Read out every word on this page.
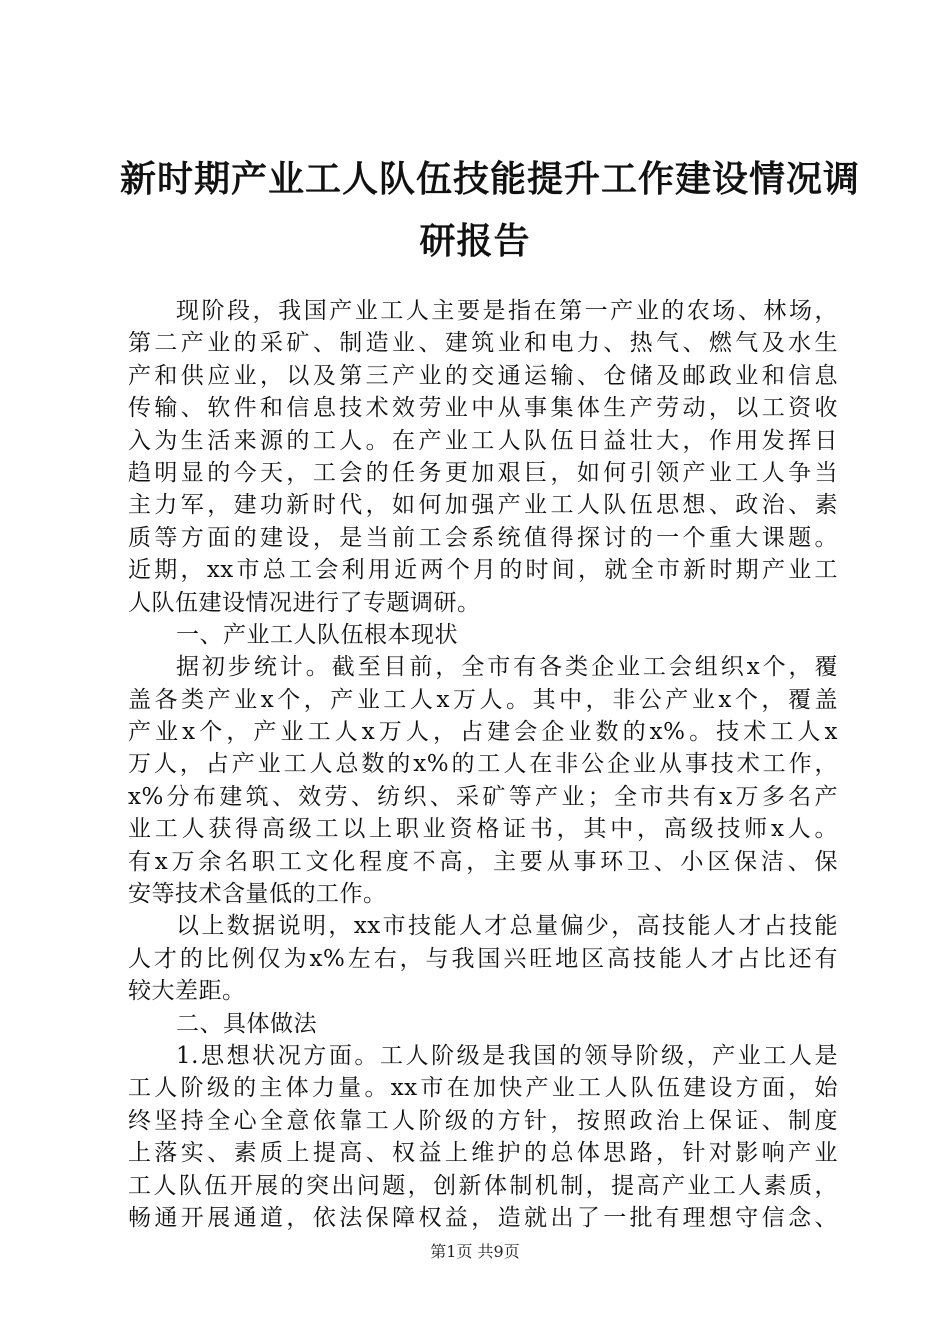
新时期产业工人队伍技能提升工作建设情况调
研报告
现阶段，我国产业工人主要是指在第一产业的农场、林场，
第二产业的采矿、制造业、建筑业和电力、热气、燃气及水生
产和供应业，以及第三产业的交通运输、仓储及邮政业和信息
传输、软件和信息技术效劳业中从事集体生产劳动，以工资收
入为生活来源的工人。在产业工人队伍日益壮大，作用发挥日
趋明显的今天，工会的任务更加艰巨，如何引领产业工人争当
主力军，建功新时代，如何加强产业工人队伍思想、政治、素
质等方面的建设，是当前工会系统值得探讨的一个重大课题。
近期，xx市总工会利用近两个月的时间，就全市新时期产业工
人队伍建设情况进行了专题调研。
一、产业工人队伍根本现状
据初步统计。截至目前，全市有各类企业工会组织x个，覆
盖各类产业x个，产业工人x万人。其中，非公产业x个，覆盖
产业x个，产业工人x万人，占建会企业数的x%。技术工人x
万人，占产业工人总数的x%的工人在非公企业从事技术工作，
x%分布建筑、效劳、纺织、采矿等产业；全市共有x万多名产
业工人获得高级工以上职业资格证书，其中，高级技师x人。
有x万余名职工文化程度不高，主要从事环卫、小区保洁、保
安等技术含量低的工作。
以上数据说明，xx市技能人才总量偏少，高技能人才占技能
人才的比例仅为x%左右，与我国兴旺地区高技能人才占比还有
较大差距。
二、具体做法
1.思想状况方面。工人阶级是我国的领导阶级，产业工人是
工人阶级的主体力量。xx市在加快产业工人队伍建设方面，始
终坚持全心全意依靠工人阶级的方针，按照政治上保证、制度
上落实、素质上提高、权益上维护的总体思路，针对影响产业
工人队伍开展的突出问题，创新体制机制，提高产业工人素质，
畅通开展通道，依法保障权益，造就出了一批有理想守信念、
第1页 共9页
